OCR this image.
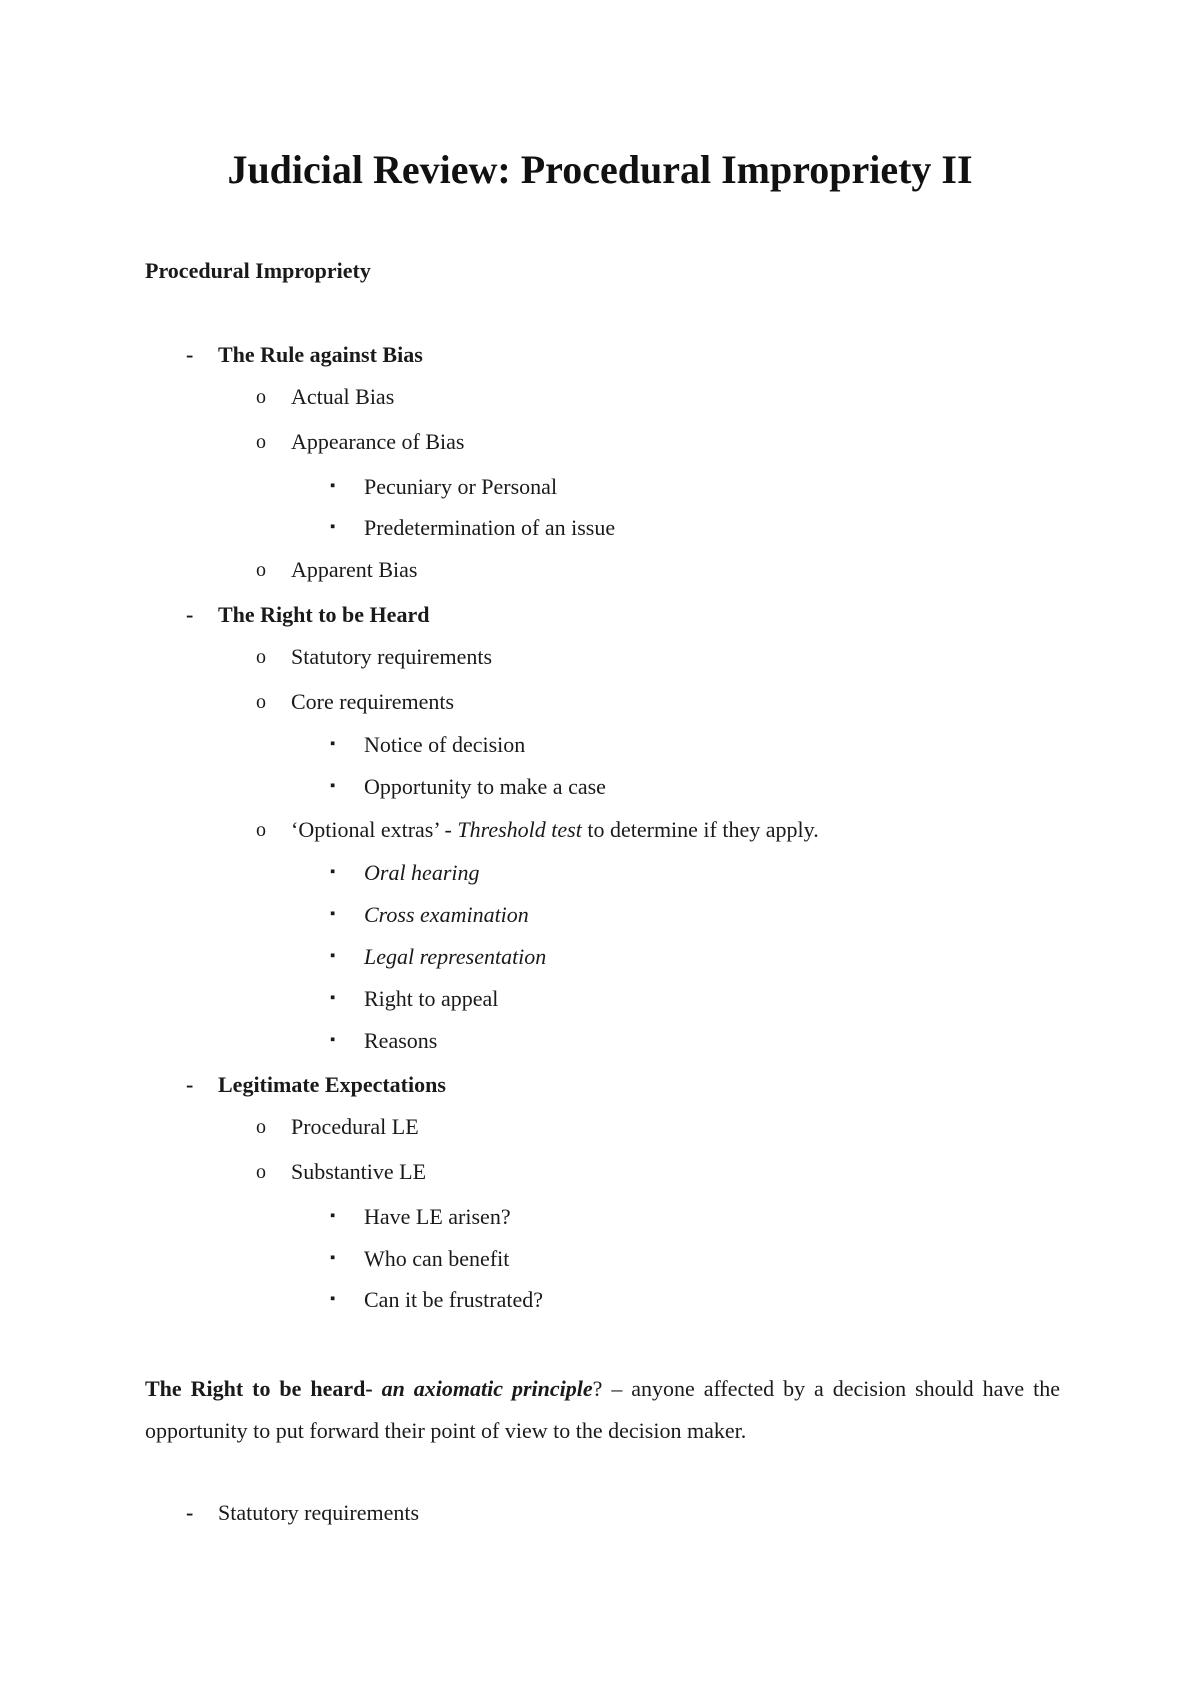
Judicial Review: Procedural Impropriety II
Procedural Impropriety
- The Rule against Bias
o Actual Bias
o Appearance of Bias
▪ Pecuniary or Personal
▪ Predetermination of an issue
o Apparent Bias
- The Right to be Heard
o Statutory requirements
o Core requirements
▪ Notice of decision
▪ Opportunity to make a case
o ‘Optional extras’ - Threshold test to determine if they apply.
▪ Oral hearing
▪ Cross examination
▪ Legal representation
▪ Right to appeal
▪ Reasons
- Legitimate Expectations
o Procedural LE
o Substantive LE
▪ Have LE arisen?
▪ Who can benefit
▪ Can it be frustrated?
The Right to be heard- an axiomatic principle? – anyone affected by a decision should have the opportunity to put forward their point of view to the decision maker.
- Statutory requirements
